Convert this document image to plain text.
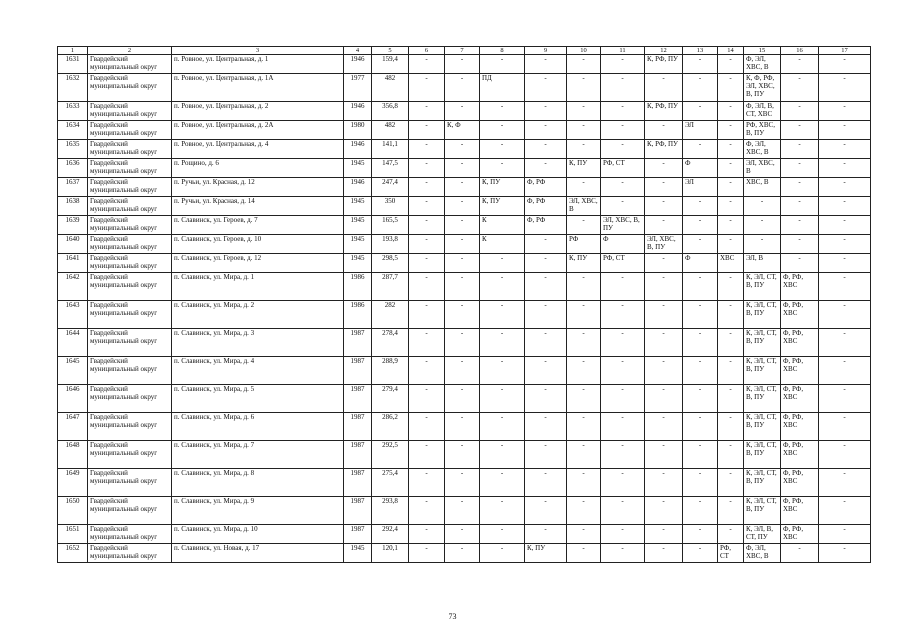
1	2	3	4	5	6	7	8	9	10	11	12	13	14	15	16	17
1631	Гвардейский муниципальный округ	п. Ровное, ул. Центральная, д. 1	1946	159,4	-	-	-	-	-	-	К, РФ, ПУ	-	-	Ф, ЭЛ, ХВС, В	-	-
1632	Гвардейский муниципальный округ	п. Ровное, ул. Центральная, д. 1А	1977	482	-	-	ПД	-	-	-	-	-	-	К, Ф, РФ, ЭЛ, ХВС, В, ПУ	-	-
1633	Гвардейский муниципальный округ	п. Ровное, ул. Центральная, д. 2	1946	356,8	-	-	-	-	-	-	К, РФ, ПУ	-	-	Ф, ЭЛ, В, СТ, ХВС	-	-
1634	Гвардейский муниципальный округ	п. Ровное, ул. Центральная, д. 2А	1980	482	-	К, Ф	-	-	-	-	-	ЭЛ	-	РФ, ХВС, В, ПУ	-	-
1635	Гвардейский муниципальный округ	п. Ровное, ул. Центральная, д. 4	1946	141,1	-	-	-	-	-	-	К, РФ, ПУ	-	-	Ф, ЭЛ, ХВС, В	-	-
1636	Гвардейский муниципальный округ	п. Рощино, д. 6	1945	147,5	-	-	-	-	К, ПУ	РФ, СТ	-	Ф	-	ЭЛ, ХВС, В	-	-
1637	Гвардейский муниципальный округ	п. Ручьи, ул. Красная, д. 12	1946	247,4	-	-	К, ПУ	Ф, РФ	-	-	-	ЭЛ	-	ХВС, В	-	-
1638	Гвардейский муниципальный округ	п. Ручьи, ул. Красная, д. 14	1945	350	-	-	К, ПУ	Ф, РФ	ЭЛ, ХВС, В	-	-	-	-	-	-	-
1639	Гвардейский муниципальный округ	п. Славинск, ул. Героев, д. 7	1945	165,5	-	-	К	Ф, РФ	-	ЭЛ, ХВС, В, ПУ	-	-	-	-	-	-
1640	Гвардейский муниципальный округ	п. Славинск, ул. Героев, д. 10	1945	193,8	-	-	К	-	РФ	Ф	ЭЛ, ХВС, В, ПУ	-	-	-	-	-
1641	Гвардейский муниципальный округ	п. Славинск, ул. Героев, д. 12	1945	298,5	-	-	-	-	К, ПУ	РФ, СТ	-	Ф	ХВС	ЭЛ, В	-	-
1642	Гвардейский муниципальный округ	п. Славинск, ул. Мира, д. 1	1986	287,7	-	-	-	-	-	-	-	-	-	К, ЭЛ, СТ, В, ПУ	Ф, РФ, ХВС	-
1643	Гвардейский муниципальный округ	п. Славинск, ул. Мира, д. 2	1986	282	-	-	-	-	-	-	-	-	-	К, ЭЛ, СТ, В, ПУ	Ф, РФ, ХВС	-
1644	Гвардейский муниципальный округ	п. Славинск, ул. Мира, д. 3	1987	278,4	-	-	-	-	-	-	-	-	-	К, ЭЛ, СТ, В, ПУ	Ф, РФ, ХВС	-
1645	Гвардейский муниципальный округ	п. Славинск, ул. Мира, д. 4	1987	288,9	-	-	-	-	-	-	-	-	-	К, ЭЛ, СТ, В, ПУ	Ф, РФ, ХВС	-
1646	Гвардейский муниципальный округ	п. Славинск, ул. Мира, д. 5	1987	279,4	-	-	-	-	-	-	-	-	-	К, ЭЛ, СТ, В, ПУ	Ф, РФ, ХВС	-
1647	Гвардейский муниципальный округ	п. Славинск, ул. Мира, д. 6	1987	286,2	-	-	-	-	-	-	-	-	-	К, ЭЛ, СТ, В, ПУ	Ф, РФ, ХВС	-
1648	Гвардейский муниципальный округ	п. Славинск, ул. Мира, д. 7	1987	292,5	-	-	-	-	-	-	-	-	-	К, ЭЛ, СТ, В, ПУ	Ф, РФ, ХВС	-
1649	Гвардейский муниципальный округ	п. Славинск, ул. Мира, д. 8	1987	275,4	-	-	-	-	-	-	-	-	-	К, ЭЛ, СТ, В, ПУ	Ф, РФ, ХВС	-
1650	Гвардейский муниципальный округ	п. Славинск, ул. Мира, д. 9	1987	293,8	-	-	-	-	-	-	-	-	-	К, ЭЛ, СТ, В, ПУ	Ф, РФ, ХВС	-
1651	Гвардейский муниципальный округ	п. Славинск, ул. Мира, д. 10	1987	292,4	-	-	-	-	-	-	-	-	-	К, ЭЛ, В, СТ, ПУ	Ф, РФ, ХВС	-
1652	Гвардейский муниципальный округ	п. Славинск, ул. Новая, д. 17	1945	120,1	-	-	-	К, ПУ	-	-	-	-	РФ, СТ	Ф, ЭЛ, ХВС, В	-	-
73
